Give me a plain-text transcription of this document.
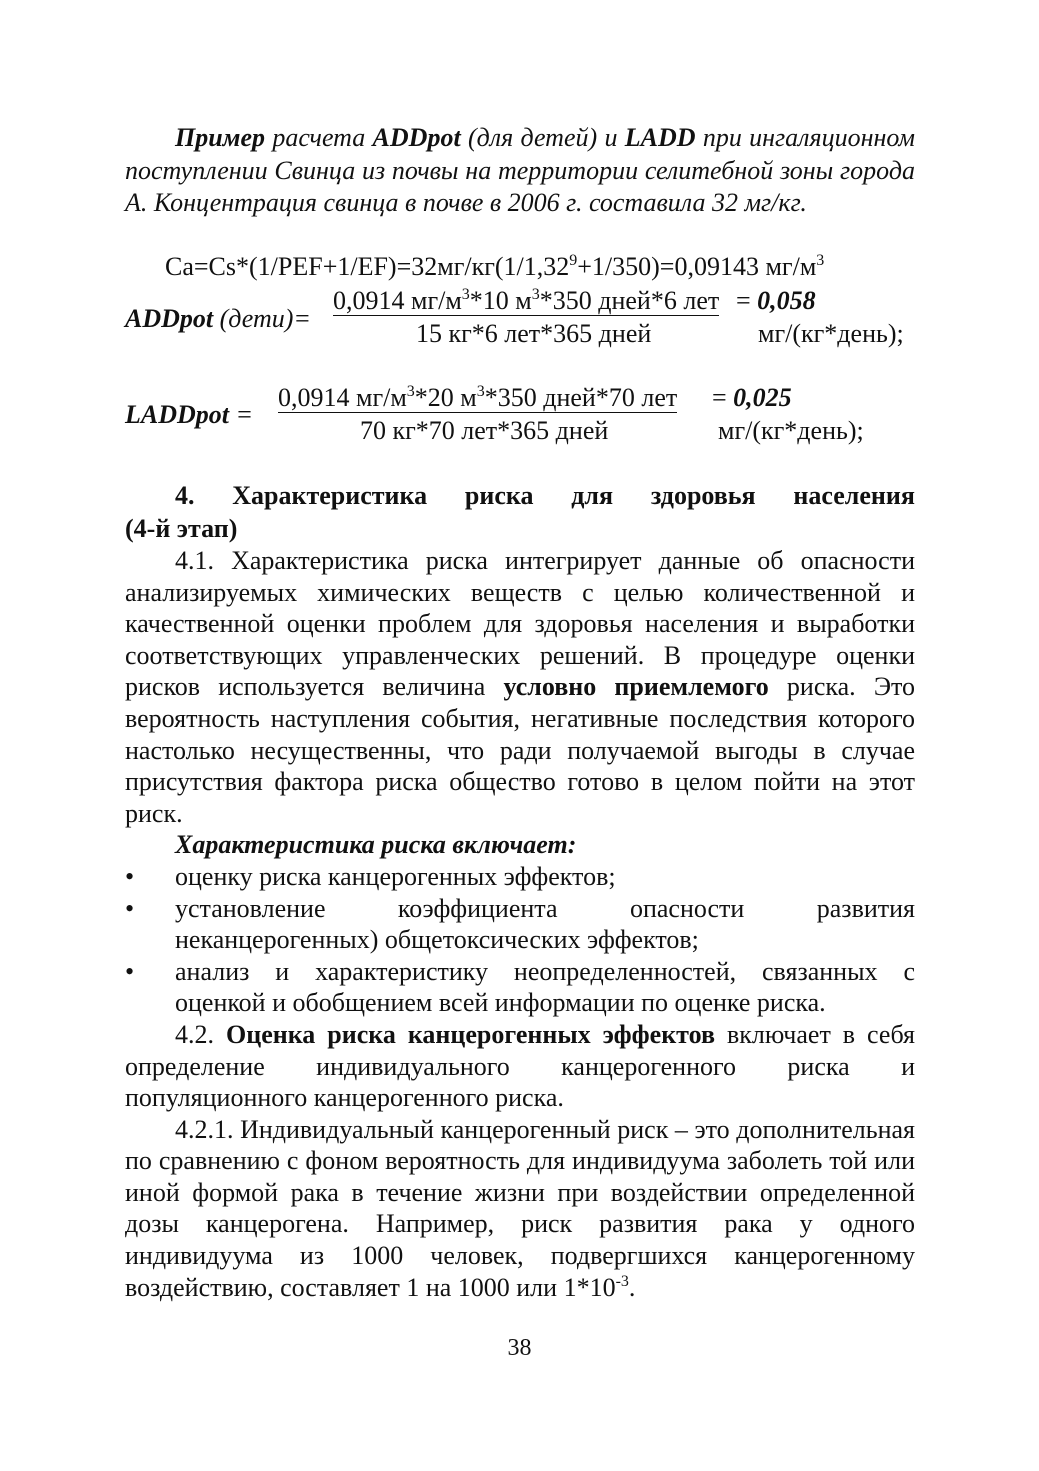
Пример расчета ADDpot (для детей) и LADD при ингаляционном поступлении Свинца из почвы на территории селитебной зоны города А. Концентрация свинца в почве в 2006 г. составила 32 мг/кг.

$Ca=Cs*(1/PEF+1/EF)=32мг/кг(1/1,32^9+1/350)=0,09143$ $мг/м^3$
ADDpot (дети)=
0,0914 $мг/м^3*10$ $м^3*350$ дней*6 лет = 0,058
15 кг*6 лет*365 дней	мг/(кг*день);
LADDpot =
0,0914 $мг/м^3*20$ $м^3*350$ дней*70 лет = 0,025
70 кг*70 лет*365 дней	мг/(кг*день);
4. Характеристика риска для здоровья населения
(4-й этап)

4.1. Характеристика риска интегрирует данные об опасности анализируемых химических веществ с целью количественной и качественной оценки проблем для здоровья населения и выработки соответствующих управленческих решений. В процедуре оценки рисков используется величина условно приемлемого риска. Это вероятность наступления события, негативные последствия которого настолько несущественны, что ради получаемой выгоды в случае присутствия фактора риска общество готово в целом пойти на этот риск.

Характеристика риска включает:

• оценку риска канцерогенных эффектов;
• установление коэффициента опасности развития неканцерогенных) общетоксических эффектов;
• анализ и характеристику неопределенностей, связанных с оценкой и обобщением всей информации по оценке риска.

4.2. Оценка риска канцерогенных эффектов включает в себя определение индивидуального канцерогенного риска и популяционного канцерогенного риска.

4.2.1. Индивидуальный канцерогенный риск – это дополнительная по сравнению с фоном вероятность для индивидуума заболеть той или иной формой рака в течение жизни при воздействии определенной дозы канцерогена. Например, риск развития рака у одного индивидуума из 1000 человек, подвергшихся канцерогенному воздействию, составляет 1 на 1000 или $1*10^{-3}$.

38
